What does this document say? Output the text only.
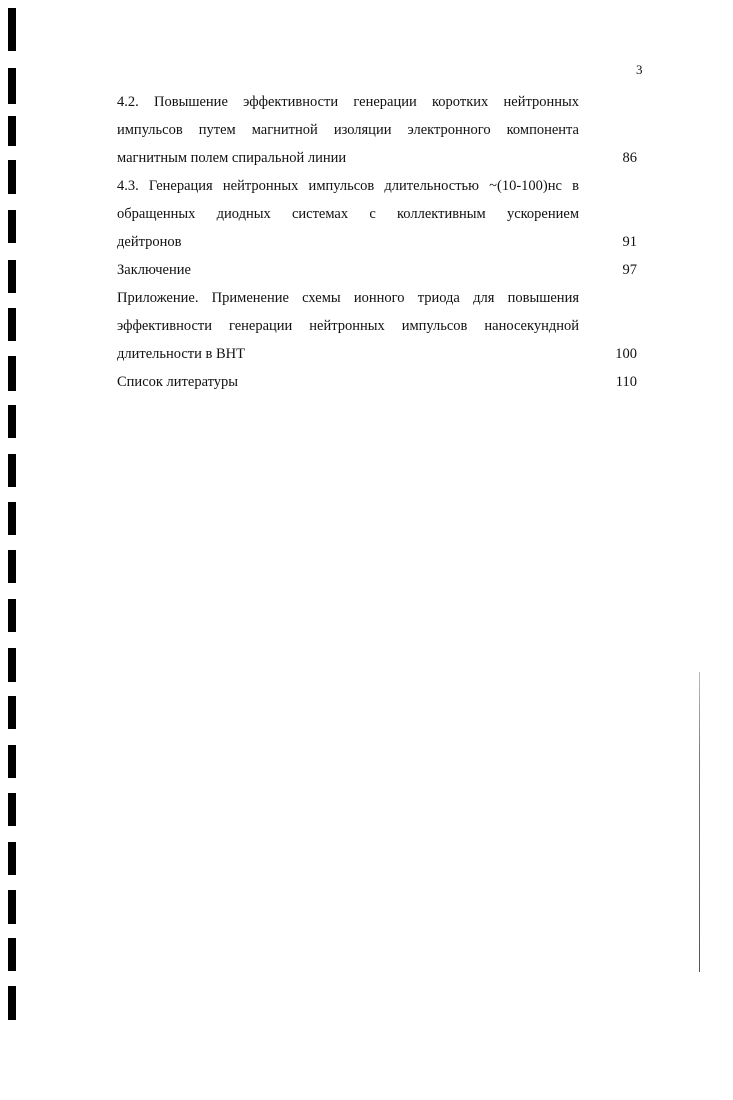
3
4.2. Повышение эффективности генерации коротких нейтронных
импульсов путем магнитной изоляции электронного компонента
магнитным полем спиральной линии	86
4.3. Генерация нейтронных импульсов длительностью ~(10-100)нс в
обращенных диодных системах с коллективным ускорением
дейтронов	91
Заключение	97
Приложение. Применение схемы ионного триода для повышения
эффективности генерации нейтронных импульсов наносекундной
длительности в ВНТ	100
Список литературы	110
